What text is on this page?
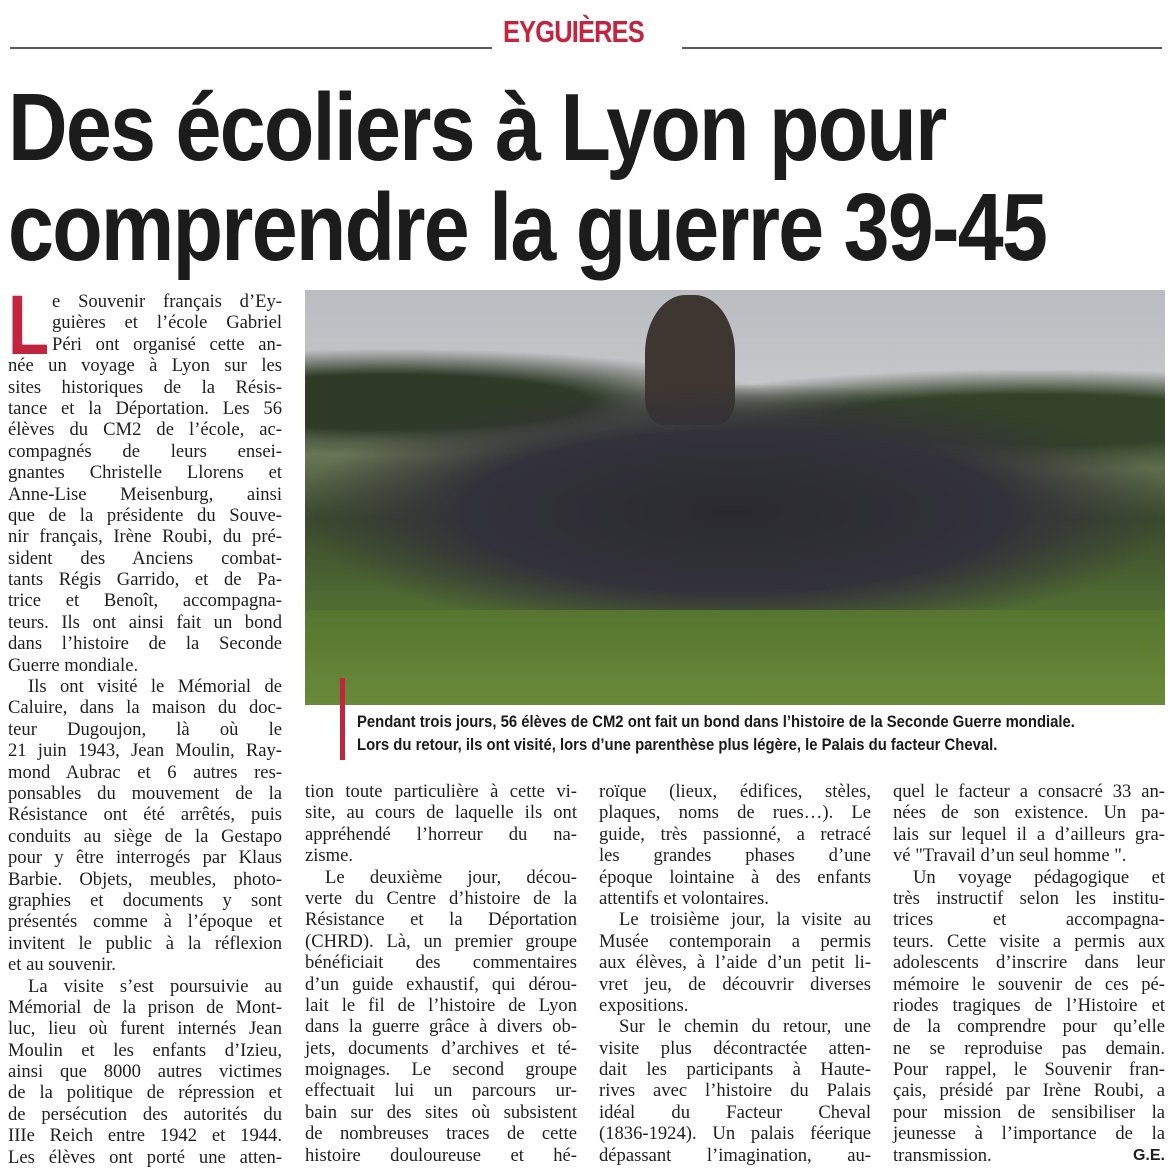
EYGUIÈRES
Des écoliers à Lyon pour
comprendre la guerre 39-45
L e Souvenir français d’Ey-
guières et l’école Gabriel
Péri ont organisé cette an-
née un voyage à Lyon sur les
sites historiques de la Résis-
tance et la Déportation. Les 56
élèves du CM2 de l’école, ac-
compagnés de leurs ensei-
gnantes Christelle Llorens et
Anne-Lise Meisenburg, ainsi
que de la présidente du Souve-
nir français, Irène Roubi, du pré-
sident des Anciens combat-
tants Régis Garrido, et de Pa-
trice et Benoît, accompagna-
teurs. Ils ont ainsi fait un bond
dans l’histoire de la Seconde
Guerre mondiale.
Ils ont visité le Mémorial de
Caluire, dans la maison du doc-
teur Dugoujon, là où le
21 juin 1943, Jean Moulin, Ray-
mond Aubrac et 6 autres res-
ponsables du mouvement de la
Résistance ont été arrêtés, puis
conduits au siège de la Gestapo
pour y être interrogés par Klaus
Barbie. Objets, meubles, photo-
graphies et documents y sont
présentés comme à l’époque et
invitent le public à la réflexion
et au souvenir.
La visite s’est poursuivie au
Mémorial de la prison de Mont-
luc, lieu où furent internés Jean
Moulin et les enfants d’Izieu,
ainsi que 8000 autres victimes
de la politique de répression et
de persécution des autorités du
IIIe Reich entre 1942 et 1944.
Les élèves ont porté une atten-
Pendant trois jours, 56 élèves de CM2 ont fait un bond dans l’histoire de la Seconde Guerre mondiale.
Lors du retour, ils ont visité, lors d’une parenthèse plus légère, le Palais du facteur Cheval.
tion toute particulière à cette vi-
site, au cours de laquelle ils ont
appréhendé l’horreur du na-
zisme.
Le deuxième jour, décou-
verte du Centre d’histoire de la
Résistance et la Déportation
(CHRD). Là, un premier groupe
bénéficiait des commentaires
d’un guide exhaustif, qui dérou-
lait le fil de l’histoire de Lyon
dans la guerre grâce à divers ob-
jets, documents d’archives et té-
moignages. Le second groupe
effectuait lui un parcours ur-
bain sur des sites où subsistent
de nombreuses traces de cette
histoire douloureuse et hé-
roïque (lieux, édifices, stèles,
plaques, noms de rues…). Le
guide, très passionné, a retracé
les grandes phases d’une
époque lointaine à des enfants
attentifs et volontaires.
Le troisième jour, la visite au
Musée contemporain a permis
aux élèves, à l’aide d’un petit li-
vret jeu, de découvrir diverses
expositions.
Sur le chemin du retour, une
visite plus décontractée atten-
dait les participants à Haute-
rives avec l’histoire du Palais
idéal du Facteur Cheval
(1836-1924). Un palais féerique
dépassant l’imagination, au-
quel le facteur a consacré 33 an-
nées de son existence. Un pa-
lais sur lequel il a d’ailleurs gra-
vé "Travail d’un seul homme ".
Un voyage pédagogique et
très instructif selon les institu-
trices et accompagna-
teurs. Cette visite a permis aux
adolescents d’inscrire dans leur
mémoire le souvenir de ces pé-
riodes tragiques de l’Histoire et
de la comprendre pour qu’elle
ne se reproduise pas demain.
Pour rappel, le Souvenir fran-
çais, présidé par Irène Roubi, a
pour mission de sensibiliser la
jeunesse à l’importance de la
transmission.	G.E.
